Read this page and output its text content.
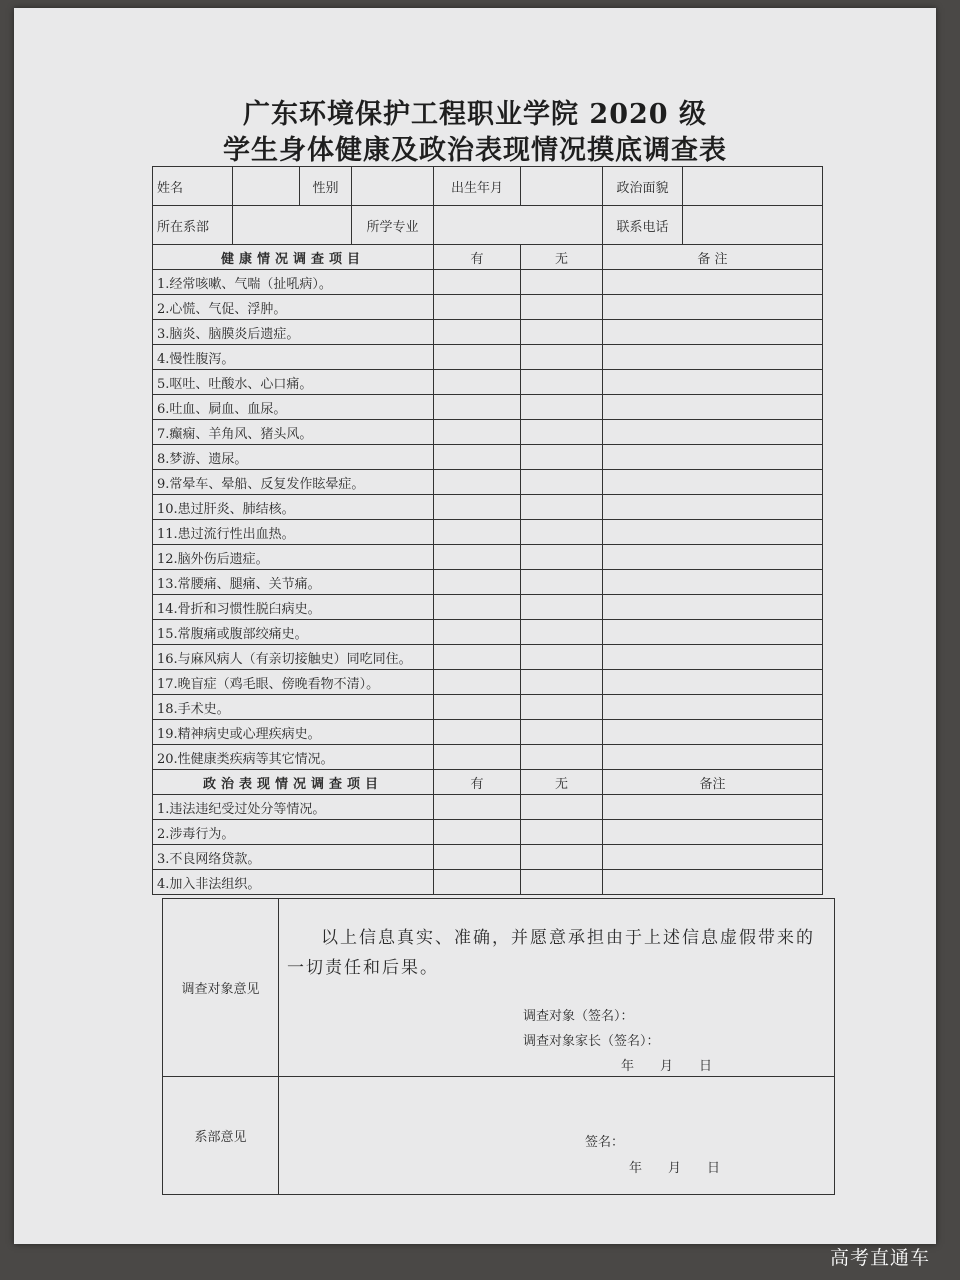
广东环境保护工程职业学院 2020 级
学生身体健康及政治表现情况摸底调查表
姓名		性别		出生年月		政治面貌	
所在系部			所学专业			联系电话	
健康情况调查项目				有	无	备 注	
1.经常咳嗽、气喘（扯吼病）。							
2.心慌、气促、浮肿。							
3.脑炎、脑膜炎后遗症。							
4.慢性腹泻。							
5.呕吐、吐酸水、心口痛。							
6.吐血、屙血、血尿。							
7.癫痫、羊角风、猪头风。							
8.梦游、遗尿。							
9.常晕车、晕船、反复发作眩晕症。							
10.患过肝炎、肺结核。							
11.患过流行性出血热。							
12.脑外伤后遗症。							
13.常腰痛、腿痛、关节痛。							
14.骨折和习惯性脱臼病史。							
15.常腹痛或腹部绞痛史。							
16.与麻风病人（有亲切接触史）同吃同住。							
17.晚盲症（鸡毛眼、傍晚看物不清）。							
18.手术史。							
19.精神病史或心理疾病史。							
20.性健康类疾病等其它情况。							
政治表现情况调查项目				有	无	备注	
1.违法违纪受过处分等情况。							
2.涉毒行为。							
3.不良网络贷款。							
4.加入非法组织。							
调查对象意见	以上信息真实、准确，并愿意承担由于上述信息虚假带来的一切责任和后果。
调查对象（签名）：
调查对象家长（签名）：
年　　月　　日

系部意见	签名：
年　　月　　日
高考直通车
